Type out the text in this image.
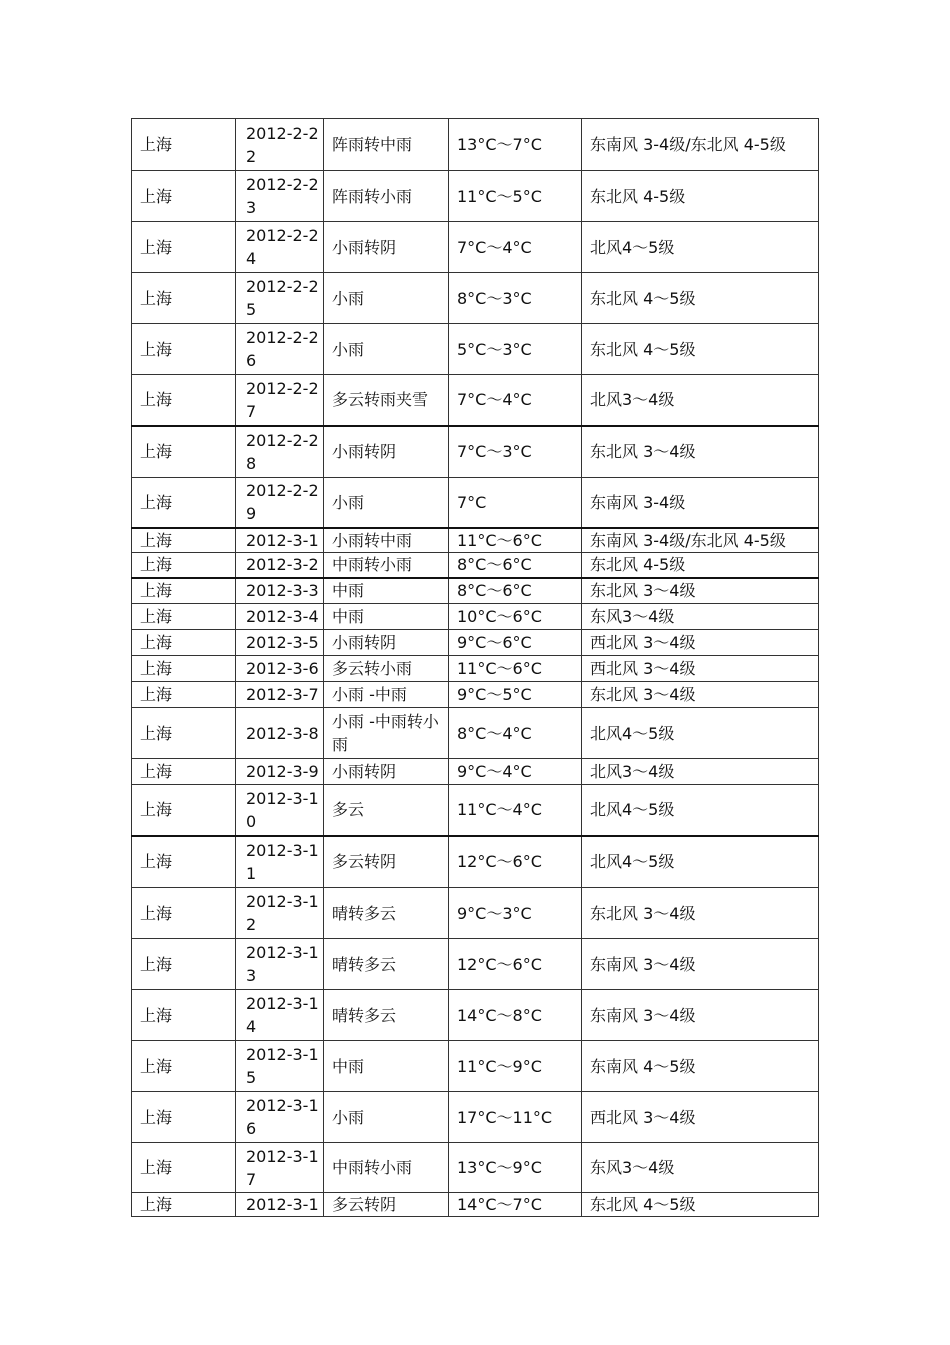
上海	2012-2-22	阵雨转中雨	13°C～7°C	东南风 3-4级/东北风 4-5级
上海	2012-2-23	阵雨转小雨	11°C～5°C	东北风 4-5级
上海	2012-2-24	小雨转阴	7°C～4°C	北风4～5级
上海	2012-2-25	小雨	8°C～3°C	东北风 4～5级
上海	2012-2-26	小雨	5°C～3°C	东北风 4～5级
上海	2012-2-27	多云转雨夹雪	7°C～4°C	北风3～4级
上海	2012-2-28	小雨转阴	7°C～3°C	东北风 3～4级
上海	2012-2-29	小雨	7°C	东南风 3-4级
上海	2012-3-1	小雨转中雨	11°C～6°C	东南风 3-4级/东北风 4-5级
上海	2012-3-2	中雨转小雨	8°C～6°C	东北风 4-5级
上海	2012-3-3	中雨	8°C～6°C	东北风 3～4级
上海	2012-3-4	中雨	10°C～6°C	东风3～4级
上海	2012-3-5	小雨转阴	9°C～6°C	西北风 3～4级
上海	2012-3-6	多云转小雨	11°C～6°C	西北风 3～4级
上海	2012-3-7	小雨 -中雨	9°C～5°C	东北风 3～4级
上海	2012-3-8	小雨 -中雨转小雨	8°C～4°C	北风4～5级
上海	2012-3-9	小雨转阴	9°C～4°C	北风3～4级
上海	2012-3-10	多云	11°C～4°C	北风4～5级
上海	2012-3-11	多云转阴	12°C～6°C	北风4～5级
上海	2012-3-12	晴转多云	9°C～3°C	东北风 3～4级
上海	2012-3-13	晴转多云	12°C～6°C	东南风 3～4级
上海	2012-3-14	晴转多云	14°C～8°C	东南风 3～4级
上海	2012-3-15	中雨	11°C～9°C	东南风 4～5级
上海	2012-3-16	小雨	17°C～11°C	西北风 3～4级
上海	2012-3-17	中雨转小雨	13°C～9°C	东风3～4级
上海	2012-3-1	多云转阴	14°C～7°C	东北风 4～5级
